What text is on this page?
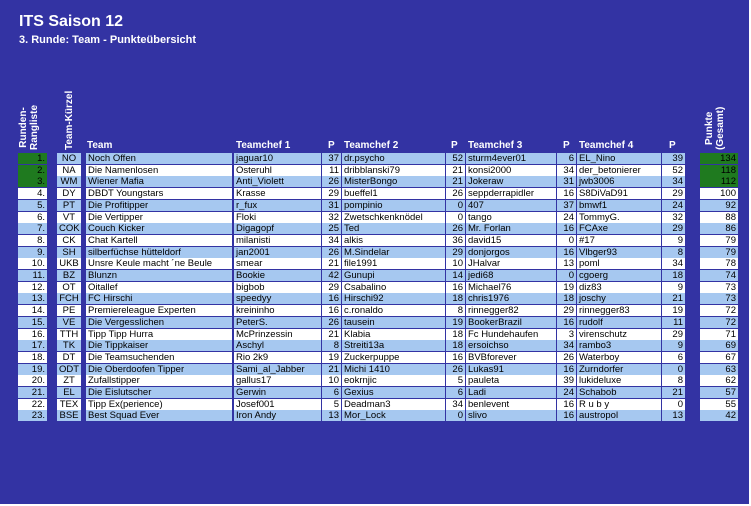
ITS Saison 12
3. Runde: Team - Punkteübersicht
Runden- Rangliste Team-Kürzel Team	Teamchef 1	P Teamchef 2	P Teamchef 3	P Teamchef 4	P
Punkte (Gesamt)
1.	NO	Noch Offen	jaguar10	37 dr.psycho	52 sturm4ever01	6 EL_Nino	39	134
2.	NA	Die Namenlosen	Osteruhl	11 dribblanski79	21 konsi2000	34 der_betonierer	52	118
3.	WM	Wiener Mafia	Anti_Violett	26 MisterBongo	21 Jokeraw	31 jwb3006	34	112
4.	DY	DBDT Youngstars	Krasse	29 bueffel1	26 seppderrapidler	16 S8DiVaD91	29	100
5.	PT	Die Profitipper	r_fux	31 pompinio	0 407	37 bmwf1	24	92
6.	VT	Die Vertipper	Floki	32 Zwetschkenknödel	0 tango	24 TommyG.	32	88
7. COK Couch Kicker	Digagopf	25 Ted	26 Mr. Forlan	16 FCAxe	29	86
8.	CK	Chat Kartell	milanisti	34 alkis	36 david15	0 #17	9	79
9.	SH	silberfüchse hütteldorf	jan2001	26 M.Sindelar	29 donjorgos	16 Vlbger93	8	79
10. UKB Unsre Keule macht ´ne Beule	smear	21 file1991	10 JHalvar	13 poml	34	78
11.	BZ	Blunzn	Bookie	42 Gunupi	14 jedi68	0 cgoerg	18	74
12.	OT	Oitallef	bigbob	29 Csabalino	16 Michael76	19 diz83	9	73
13. FCH FC Hirschi	speedyy	16 Hirschi92	18 chris1976	18 joschy	21	73
14.	PE	Premiereleague Experten	kreininho	16 c.ronaldo	8 rinnegger82	29 rinnegger83	19	72
15.	VE	Die Vergesslichen	PeterS.	26 tausein	19 BookerBrazil	16 rudolf	11	72
16. TTH Tipp Tipp Hurra	McPrinzessin	21 Klabia	18 Fc Hundehaufen	3 virenschutz	29	71
17.	TK	Die Tippkaiser	Aschyl	8 Streiti13a	18 ersoichso	34 rambo3	9	69
18.	DT	Die Teamsuchenden	Rio 2k9	19 Zuckerpuppe	16 BVBforever	26 Waterboy	6	67
19. ODT Die Oberdoofen Tipper	Sami_al_Jabber	21 Michi 1410	26 Lukas91	16 Zurndorfer	0	63
20.	ZT	Zufallstipper	gallus17	10 eokrnjic	5 pauleta	39 lukideluxe	8	62
21.	EL	Die Eislutscher	Gerwin	6 Gexius	6 Ladi	24 Schabob	21	57
22. TEX Tipp Ex(perience)	Josef001	5 Deadman3	34 benlevent	16 R u b y	0	55
23. BSE Best Squad Ever	Iron Andy	13 Mor_Lock	0 slivo	16 austropol	13	42
